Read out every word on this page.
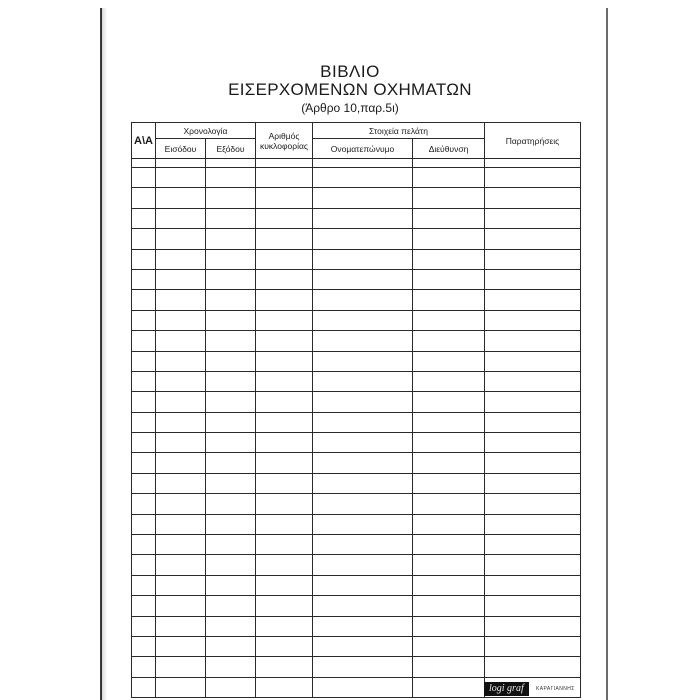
ΒΙΒΛΙΟ
ΕΙΣΕΡΧΟΜΕΝΩΝ ΟΧΗΜΑΤΩΝ
(Άρθρο 10,παρ.5ι)
Α\Α	Χρονολογία		Αριθμός κυκλοφορίας	Στοιχεία πελάτη		Παρατηρήσεις
	Εισόδου	Εξόδου		Ονοματεπώνυμο	Διεύθυνση	

logi graf	ΚΑΡΑΓΙΑΝΝΗΣ
